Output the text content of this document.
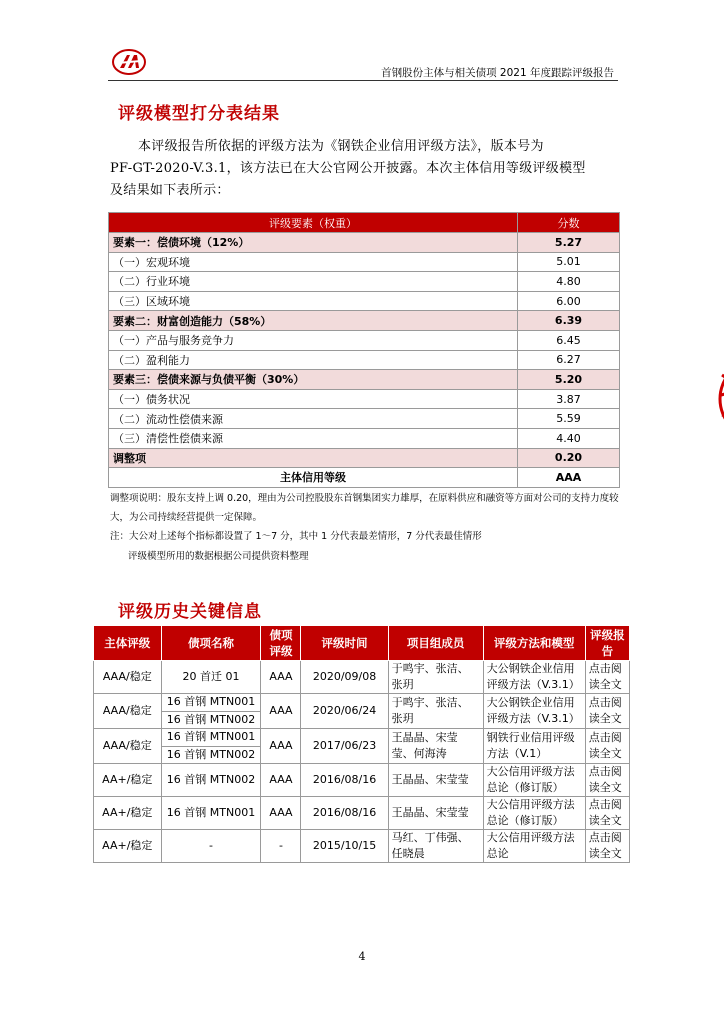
首钢股份主体与相关债项 2021 年度跟踪评级报告
评级模型打分表结果

本评级报告所依据的评级方法为《钢铁企业信用评级方法》，版本号为

PF-GT-2020-V.3.1，该方法已在大公官网公开披露。本次主体信用等级评级模型

及结果如下表所示：

评级要素（权重）	分数
要素一：偿债环境（12%）	5.27
（一）宏观环境	5.01
（二）行业环境	4.80
（三）区域环境	6.00
要素二：财富创造能力（58%）	6.39
（一）产品与服务竞争力	6.45
（二）盈利能力	6.27
要素三：偿债来源与负债平衡（30%）	5.20
（一）债务状况	3.87
（二）流动性偿债来源	5.59
（三）清偿性偿债来源	4.40
调整项	0.20
主体信用等级	AAA
调整项说明：股东支持上调 0.20，理由为公司控股股东首钢集团实力雄厚，在原料供应和融资等方面对公司的支持力度较大，为公司持续经营提供一定保障。
注：大公对上述每个指标都设置了 1～7 分，其中 1 分代表最差情形，7 分代表最佳情形
评级模型所用的数据根据公司提供资料整理
评级历史关键信息
主体评级	债项名称	债项评级	评级时间	项目组成员	评级方法和模型	评级报告
AAA/稳定	20 首迁 01	AAA	2020/09/08	于鸣宇、张洁、张玥	大公钢铁企业信用评级方法（V.3.1）	点击阅读全文

AAA/稳定	16 首钢 MTN001	AAA	2020/06/24	于鸣宇、张洁、张玥	大公钢铁企业信用评级方法（V.3.1）	点击阅读全文
	16 首钢 MTN002					
AAA/稳定	16 首钢 MTN001	AAA	2017/06/23	王晶晶、宋莹莹、何海涛	钢铁行业信用评级方法（V.1）	点击阅读全文
	16 首钢 MTN002					
AA+/稳定	16 首钢 MTN002	AAA	2016/08/16	王晶晶、宋莹莹	大公信用评级方法总论（修订版）	点击阅读全文

AA+/稳定	16 首钢 MTN001	AAA	2016/08/16	王晶晶、宋莹莹	大公信用评级方法总论（修订版）	点击阅读全文

AA+/稳定	-	-	2015/10/15	马红、丁伟强、任晓晨	大公信用评级方法总论	点击阅读全文

4
